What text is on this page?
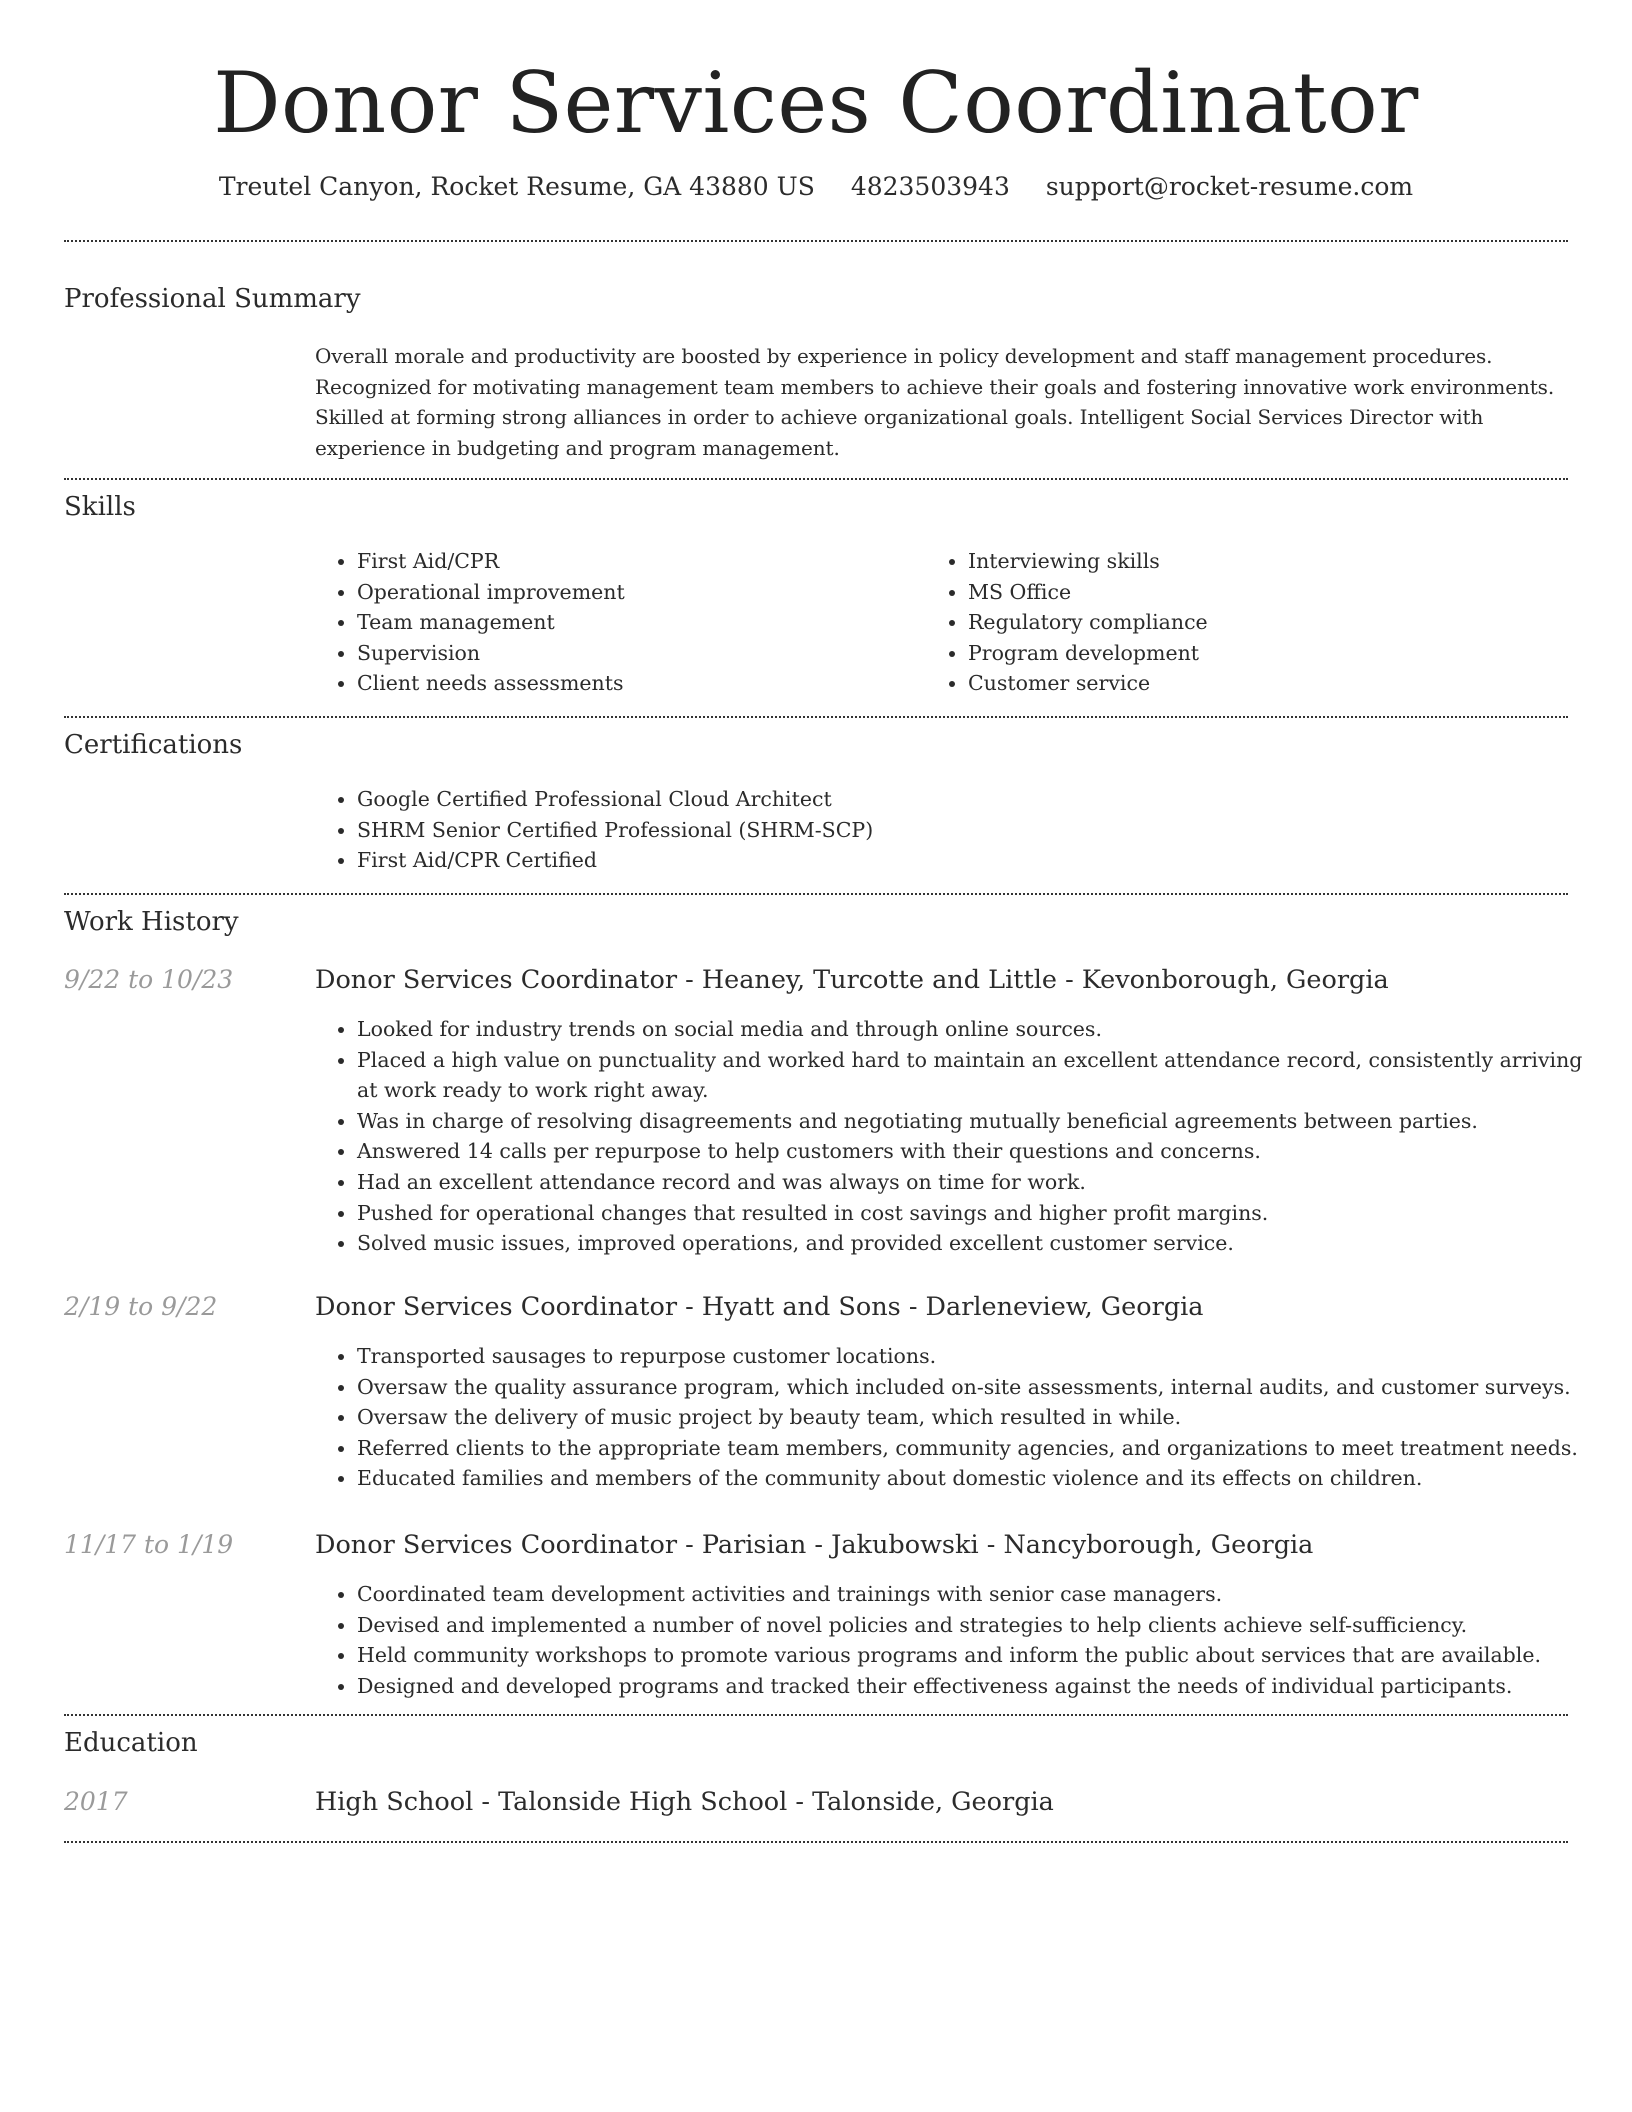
Donor Services Coordinator
Treutel Canyon, Rocket Resume, GA 43880 US 4823503943 support@rocket-resume.com
Professional Summary

Overall morale and productivity are boosted by experience in policy development and staff management procedures. Recognized for motivating management team members to achieve their goals and fostering innovative work environments. Skilled at forming strong alliances in order to achieve organizational goals. Intelligent Social Services Director with experience in budgeting and program management.

Skills
• First Aid/CPR
• Operational improvement
• Team management
• Supervision
• Client needs assessments
• Interviewing skills
• MS Office
• Regulatory compliance
• Program development
• Customer service
Certifications
• Google Certified Professional Cloud Architect
• SHRM Senior Certified Professional (SHRM-SCP)
• First Aid/CPR Certified
Work History
9/22 to 10/23	Donor Services Coordinator - Heaney, Turcotte and Little - Kevonborough, Georgia
• Looked for industry trends on social media and through online sources.
• Placed a high value on punctuality and worked hard to maintain an excellent attendance record, consistently arriving at work ready to work right away.
• Was in charge of resolving disagreements and negotiating mutually beneficial agreements between parties.
• Answered 14 calls per repurpose to help customers with their questions and concerns.
• Had an excellent attendance record and was always on time for work.
• Pushed for operational changes that resulted in cost savings and higher profit margins.
• Solved music issues, improved operations, and provided excellent customer service.
2/19 to 9/22	Donor Services Coordinator - Hyatt and Sons - Darleneview, Georgia
• Transported sausages to repurpose customer locations.
• Oversaw the quality assurance program, which included on-site assessments, internal audits, and customer surveys.
• Oversaw the delivery of music project by beauty team, which resulted in while.
• Referred clients to the appropriate team members, community agencies, and organizations to meet treatment needs.
• Educated families and members of the community about domestic violence and its effects on children.
11/17 to 1/19	Donor Services Coordinator - Parisian - Jakubowski - Nancyborough, Georgia
• Coordinated team development activities and trainings with senior case managers.
• Devised and implemented a number of novel policies and strategies to help clients achieve self-sufficiency.
• Held community workshops to promote various programs and inform the public about services that are available.
• Designed and developed programs and tracked their effectiveness against the needs of individual participants.
Education
2017	High School - Talonside High School - Talonside, Georgia
